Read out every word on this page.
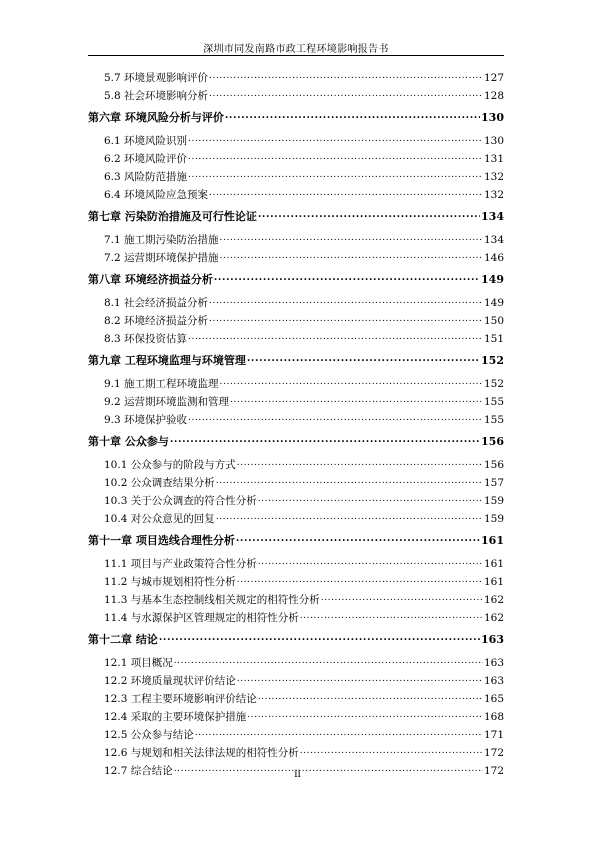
深圳市同发南路市政工程环境影响报告书
5.7 环境景观影响评价 .....	127
5.8 社会环境影响分析 .....	128
第六章 环境风险分析与评价 .....	130
6.1 环境风险识别 .....	130
6.2 环境风险评价 .....	131
6.3 风险防范措施 .....	132
6.4 环境风险应急预案 .....	132
第七章 污染防治措施及可行性论证 .....	134
7.1 施工期污染防治措施 .....	134
7.2 运营期环境保护措施 .....	146
第八章 环境经济损益分析 .....	149
8.1 社会经济损益分析 .....	149
8.2 环境经济损益分析 .....	150
8.3 环保投资估算 .....	151
第九章 工程环境监理与环境管理 .....	152
9.1 施工期工程环境监理 .....	152
9.2 运营期环境监测和管理 .....	155
9.3 环境保护验收 .....	155
第十章 公众参与 .....	156
10.1 公众参与的阶段与方式 .....	156
10.2 公众调查结果分析 .....	157
10.3 关于公众调查的符合性分析 .....	159
10.4 对公众意见的回复 .....	159
第十一章 项目选线合理性分析 .....	161
11.1 项目与产业政策符合性分析 .....	161
11.2 与城市规划相符性分析 .....	161
11.3 与基本生态控制线相关规定的相符性分析 .....	162
11.4 与水源保护区管理规定的相符性分析 .....	162
第十二章 结论 .....	163
12.1 项目概况 .....	163
12.2 环境质量现状评价结论 .....	163
12.3 工程主要环境影响评价结论 .....	165
12.4 采取的主要环境保护措施 .....	168
12.5 公众参与结论 .....	171
12.6 与规划和相关法律法规的相符性分析 .....	172
12.7 综合结论 .....	172
ii
